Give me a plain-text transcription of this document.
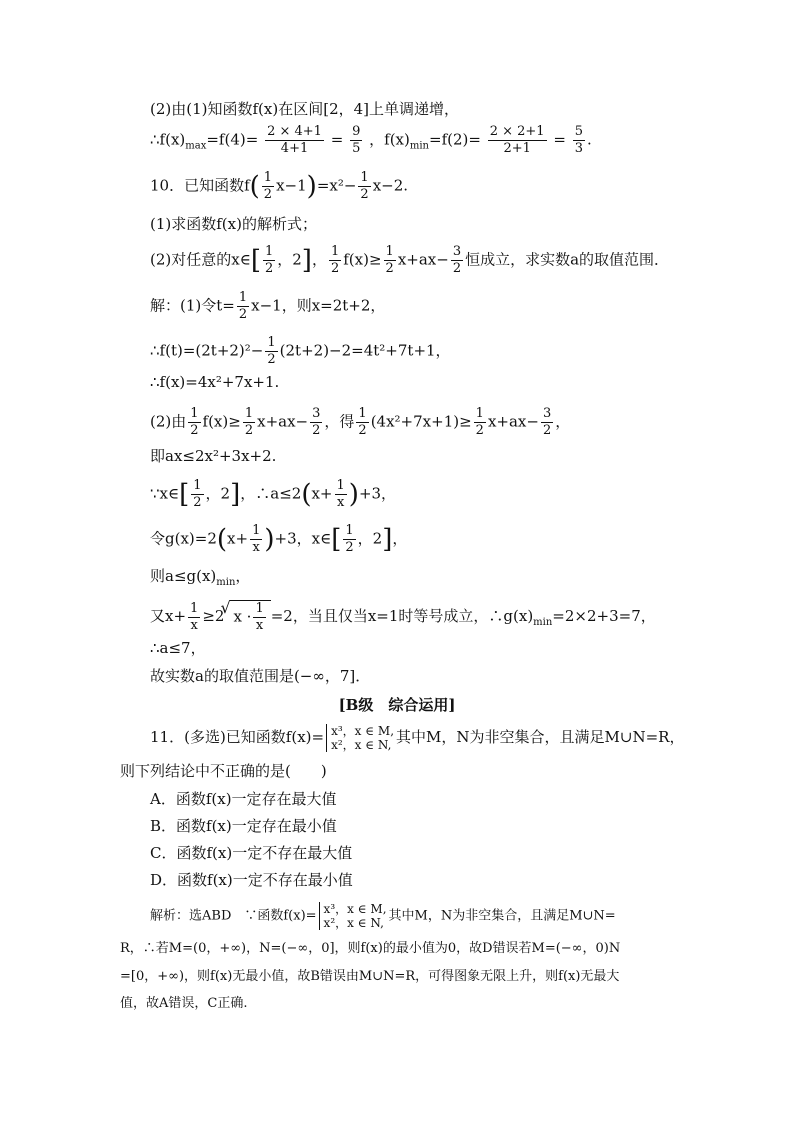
(2)由(1)知函数f(x)在区间[2，4]上单调递增，
$\therefore f(x)_{max}=f(4)= \frac{2 \times 4+1}{4+1} = \frac{9}{5}$ ，$f(x)_{min}=f(2)= \frac{2 \times 2+1}{2+1} = \frac{5}{3}$ .
10．已知函数$f( \frac{1}{2} x-1)=x^2- \frac{1}{2} x-2$.
(1)求函数f(x)的解析式；
(2)对任意的x∈[ $\frac{1}{2}$ ，2]， $\frac{1}{2} f(x)\ge \frac{1}{2} x+ax- \frac{3}{2}$ 恒成立，求实数a的取值范围．
解：(1)令$t= \frac{1}{2} x-1$，则x=2t+2，
∴f(t)=(2t+2)²− $\frac{1}{2} (2t+2)-2=4t^2+7t+1$，
∴f(x)=4x²+7x+1.
(2)由 $\frac{1}{2} f(x)\ge \frac{1}{2} x+ax- \frac{3}{2}$ ，得 $\frac{1}{2} (4x^2+7x+1)\ge \frac{1}{2} x+ax- \frac{3}{2}$ ，
即ax≤2x²+3x+2.
∵x∈[ $\frac{1}{2}$ ，2]，∴a≤2(x+ $\frac{1}{x} )+3$，
令$g(x)=2(x+ \frac{1}{x} )+3$，x∈[ $\frac{1}{2}$ ，2]，
则$a\le g(x)_{min}$，
又$x+ \frac{1}{x} \ge 2√$ $x \cdot \frac{1}{x} =2$，当且仅当x=1时等号成立，$\therefore g(x)_{min}=2\times 2+3=7$，
∴a≤7，
故实数a的取值范围是(−∞，7]．
[B级　综合运用]
11．(多选)已知函数f(x)= x³，x ∈ M,
x²，x ∈ N, 其中M，N为非空集合，且满足M∪N=R，
则下列结论中不正确的是(　　)
A．函数f(x)一定存在最大值
B．函数f(x)一定存在最小值
C．函数f(x)一定不存在最大值
D．函数f(x)一定不存在最小值
解析：选ABD　∵函数f(x)= x³，x ∈ M,
x²，x ∈ N, 其中M，N为非空集合，且满足M∪N=
R，∴若M=(0，+∞)，N=(−∞，0]，则f(x)的最小值为0，故D错误若M=(−∞，0)N
=[0，+∞)，则f(x)无最小值，故B错误由M∪N=R，可得图象无限上升，则f(x)无最大
值，故A错误，C正确.
